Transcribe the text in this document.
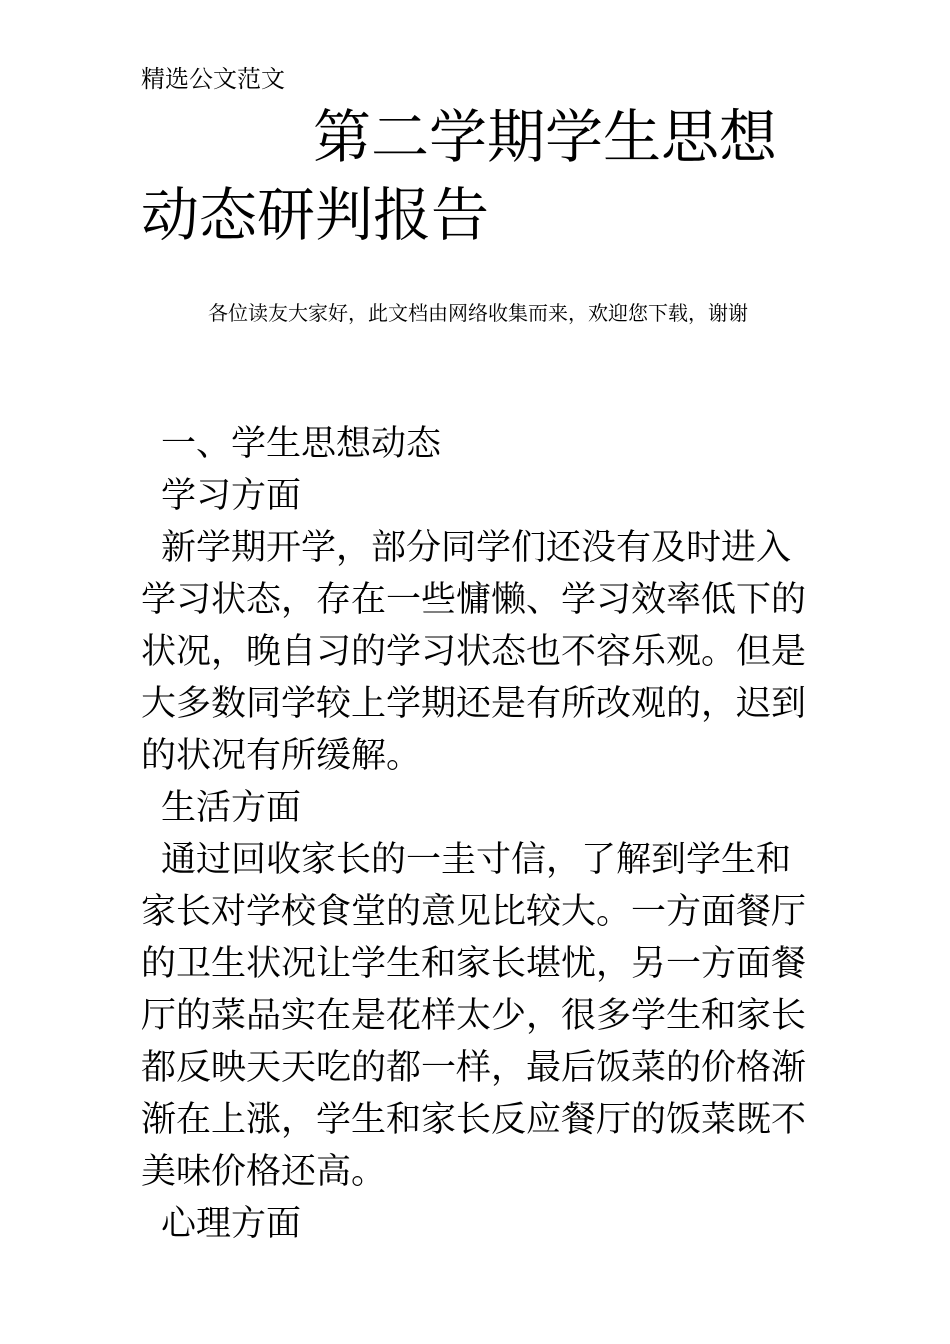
精选公文范文
第二学期学生思想
动态研判报告
各位读友大家好，此文档由网络收集而来，欢迎您下载，谢谢
一、学生思想动态
学习方面
新学期开学，部分同学们还没有及时进入学习状态，存在一些慵懒、学习效率低下的状况，晚自习的学习状态也不容乐观。但是大多数同学较上学期还是有所改观的，迟到的状况有所缓解。
生活方面
通过回收家长的一圭寸信，了解到学生和家长对学校食堂的意见比较大。一方面餐厅的卫生状况让学生和家长堪忧，另一方面餐厅的菜品实在是花样太少，很多学生和家长都反映天天吃的都一样，最后饭菜的价格渐渐在上涨，学生和家长反应餐厅的饭菜既不美味价格还高。
心理方面
